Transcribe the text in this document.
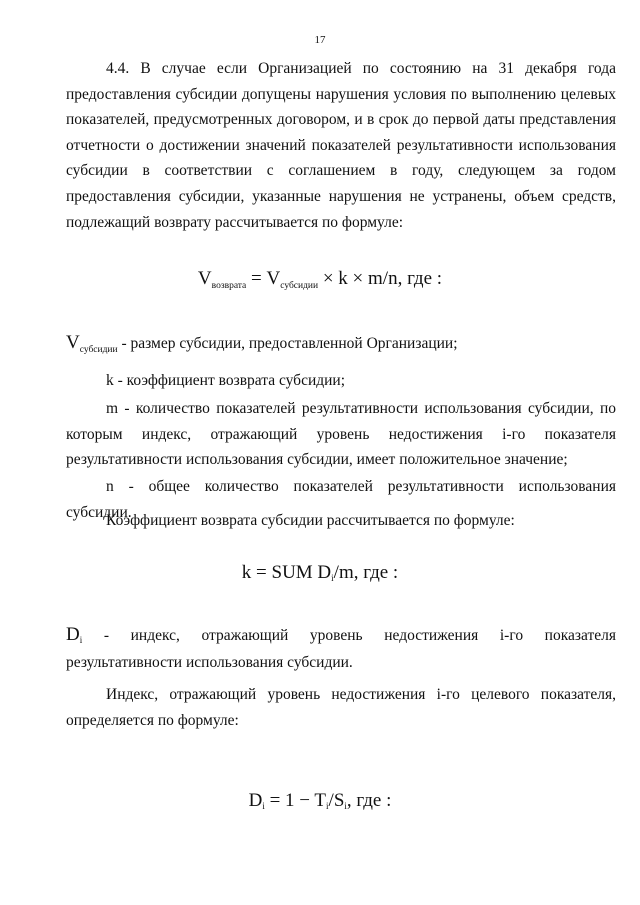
17

4.4. В случае если Организацией по состоянию на 31 декабря года предоставления субсидии допущены нарушения условия по выполнению целевых показателей, предусмотренных договором, и в срок до первой даты представления отчетности о достижении значений показателей результативности использования субсидии в соответствии с соглашением в году, следующем за годом предоставления субсидии, указанные нарушения не устранены, объем средств, подлежащий возврату рассчитывается по формуле:

$V_{возврата} = V_{субсидии} \times k \times m/n$, где :
$V_{субсидии}$ - размер субсидии, предоставленной Организации;

k - коэффициент возврата субсидии;

m - количество показателей результативности использования субсидии, по которым индекс, отражающий уровень недостижения i-го показателя результативности использования субсидии, имеет положительное значение;

n - общее количество показателей результативности использования субсидии.

Коэффициент возврата субсидии рассчитывается по формуле:

k = SUM Di/m, где :
Di - индекс, отражающий уровень недостижения i-го показателя
результативности использования субсидии.

Индекс, отражающий уровень недостижения i-го целевого показателя, определяется по формуле:

Di = 1 − Ti/Si, где :
